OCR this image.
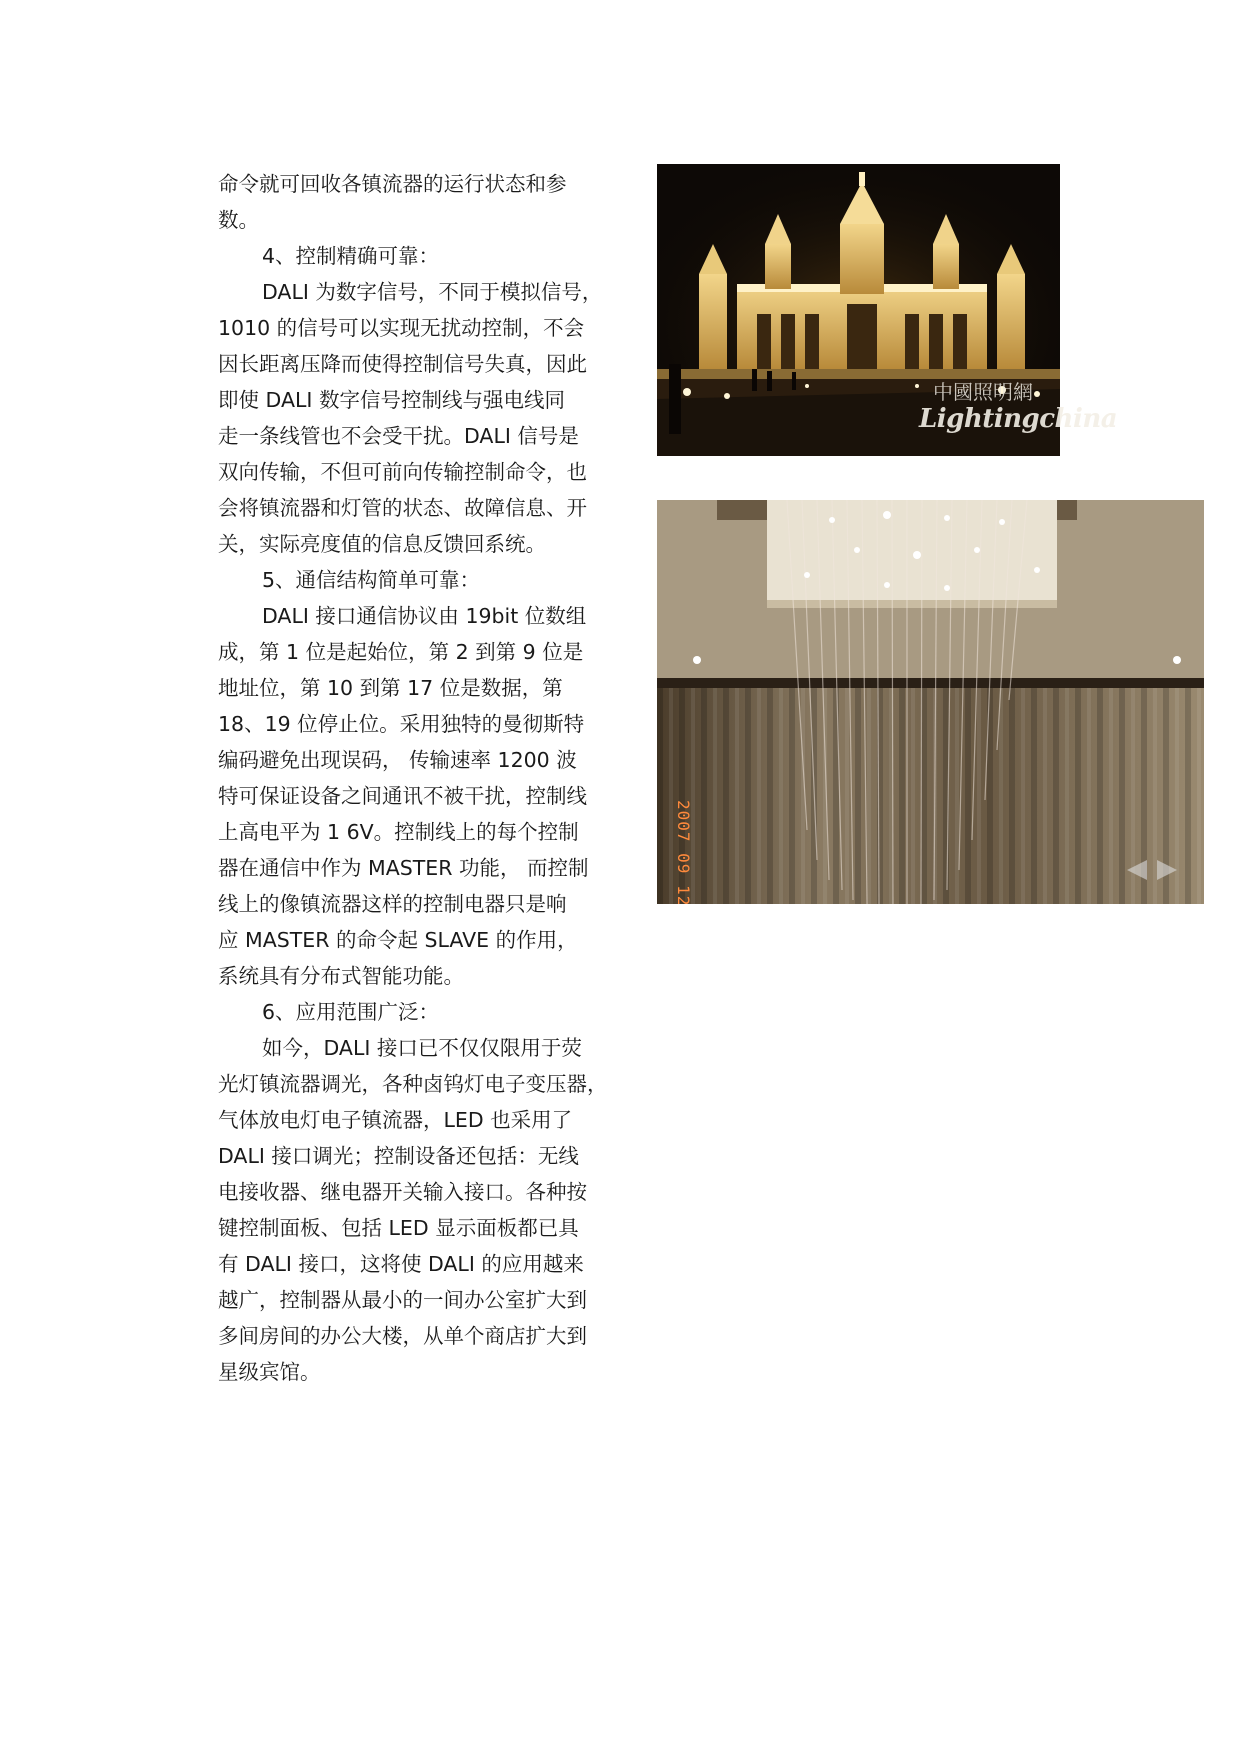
命令就可回收各镇流器的运行状态和参
数。
4、控制精确可靠：
DALI 为数字信号，不同于模拟信号，
1010 的信号可以实现无扰动控制，不会
因长距离压降而使得控制信号失真，因此
即使 DALI 数字信号控制线与强电线同
走一条线管也不会受干扰。DALI 信号是
双向传输，不但可前向传输控制命令，也
会将镇流器和灯管的状态、故障信息、开
关，实际亮度值的信息反馈回系统。
5、通信结构简单可靠：
DALI 接口通信协议由 19bit 位数组
成，第 1 位是起始位，第 2 到第 9 位是
地址位，第 10 到第 17 位是数据，第
18、19 位停止位。采用独特的曼彻斯特
编码避免出现误码， 传输速率 1200 波
特可保证设备之间通讯不被干扰，控制线
上高电平为 1 6V。控制线上的每个控制
器在通信中作为 MASTER 功能， 而控制
线上的像镇流器这样的控制电器只是响
应 MASTER 的命令起 SLAVE 的作用，
系统具有分布式智能功能。
6、应用范围广泛：
如今，DALI 接口已不仅仅限用于荧
光灯镇流器调光，各种卤钨灯电子变压器，
气体放电灯电子镇流器，LED 也采用了
DALI 接口调光；控制设备还包括：无线
电接收器、继电器开关输入接口。各种按
键控制面板、包括 LED 显示面板都已具
有 DALI 接口，这将使 DALI 的应用越来
越广，控制器从最小的一间办公室扩大到
多间房间的办公大楼，从单个商店扩大到
星级宾馆。
中國照明網
Lightingchina
2007 09 12
